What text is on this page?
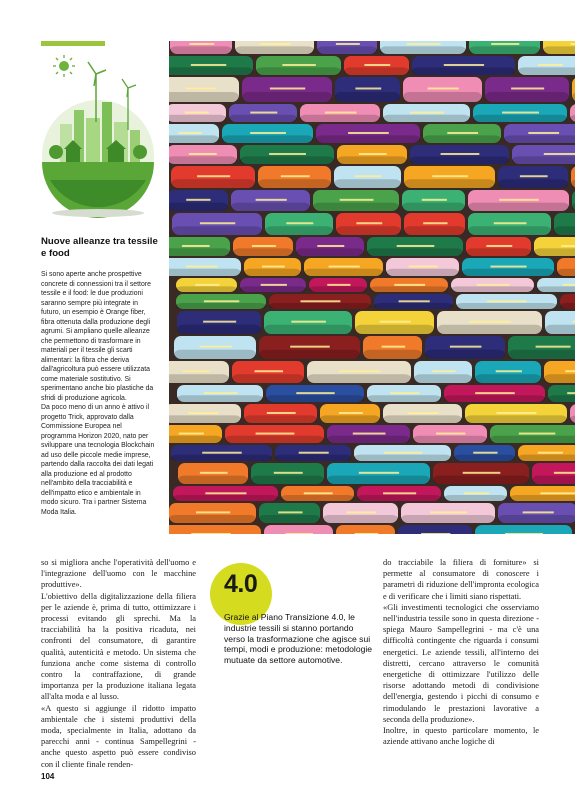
Nuove alleanze tra tessile e food

Si sono aperte anche prospettive concrete di connessioni tra il settore tessile e il food: le due produzioni saranno sempre più integrate in futuro, un esempio è Orange fiber, fibra ottenuta dalla produzione degli agrumi. Si ampliano quelle alleanze che permettono di trasformare in materiali per il tessile gli scarti alimentari: la fibra che deriva dall'agricoltura può essere utilizzata come materiale sostitutivo. Si sperimentano anche bio plastiche da sfridi di produzione agricola.

Da poco meno di un anno è attivo il progetto Trick, approvato dalla Commissione Europea nel programma Horizon 2020, nato per sviluppare una tecnologia Blockchain ad uso delle piccole medie imprese, partendo dalla raccolta dei dati legati alla produzione ed al prodotto nell'ambito della tracciabilità e dell'impatto etico e ambientale in modo sicuro. Tra i partner Sistema Moda Italia.

so si migliora anche l'operatività dell'uomo e l'integrazione dell'uomo con le macchine produttive».

L'obiettivo della digitalizzazione della filiera per le aziende è, prima di tutto, ottimizzare i processi evitando gli sprechi. Ma la tracciabilità ha la positiva ricaduta, nei confronti del consumatore, di garantire qualità, autenticità e metodo. Un sistema che funziona anche come sistema di controllo contro la contraffazione, di grande importanza per la produzione italiana legata all'alta moda e al lusso.

«A questo si aggiunge il ridotto impatto ambientale che i sistemi produttivi della moda, specialmente in Italia, adottano da parecchi anni - continua Sampellegrini - anche questo aspetto può essere condiviso con il cliente finale renden-

4.0
Grazie al Piano Transizione 4.0, le industrie tessili si stanno portando verso la trasformazione che agisce sui tempi, modi e produzione: metodologie mutuate da settore automotive.

do tracciabile la filiera di forniture» si permette al consumatore di conoscere i parametri di riduzione dell'impronta ecologica e di verificare che i limiti siano rispettati.

«Gli investimenti tecnologici che osserviamo nell'industria tessile sono in questa direzione - spiega Mauro Sampellegrini - ma c'è una difficoltà contingente che riguarda i consumi energetici. Le aziende tessili, all'interno dei distretti, cercano attraverso le comunità energetiche di ottimizzare l'utilizzo delle risorse adottando metodi di condivisione dell'energia, gestendo i picchi di consumo e rimodulando le prestazioni lavorative a seconda della produzione».

Inoltre, in questo particolare momento, le aziende attivano anche logiche di

104
